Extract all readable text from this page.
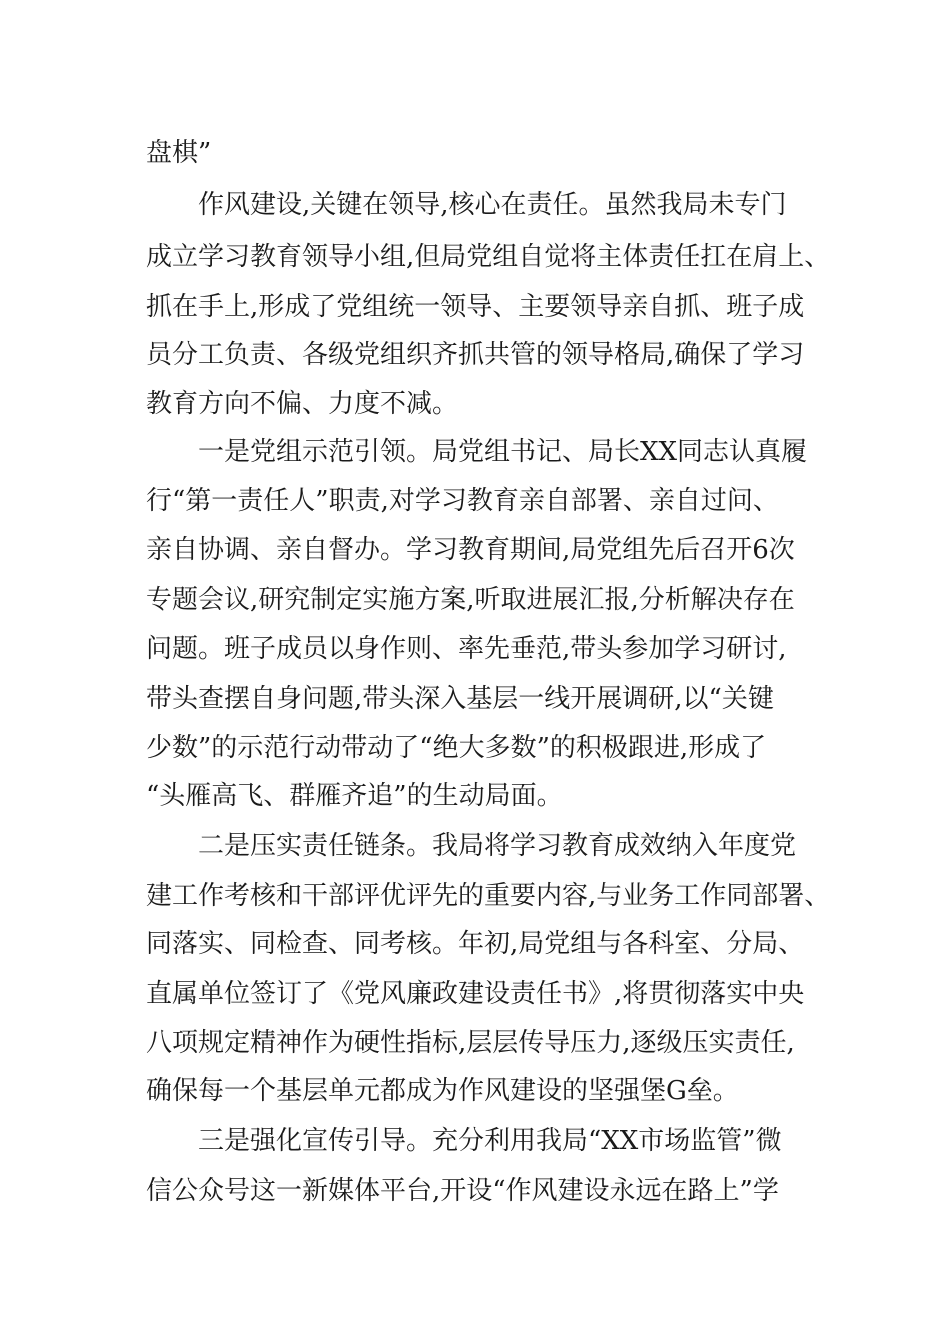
盘棋”
作风建设,关键在领导,核心在责任。虽然我局未专门
成立学习教育领导小组,但局党组自觉将主体责任扛在肩上、
抓在手上,形成了党组统一领导、主要领导亲自抓、班子成
员分工负责、各级党组织齐抓共管的领导格局,确保了学习
教育方向不偏、力度不减。
一是党组示范引领。局党组书记、局长XX同志认真履
行“第一责任人”职责,对学习教育亲自部署、亲自过问、
亲自协调、亲自督办。学习教育期间,局党组先后召开6次
专题会议,研究制定实施方案,听取进展汇报,分析解决存在
问题。班子成员以身作则、率先垂范,带头参加学习研讨,
带头查摆自身问题,带头深入基层一线开展调研,以“关键
少数”的示范行动带动了“绝大多数”的积极跟进,形成了
“头雁高飞、群雁齐追”的生动局面。
二是压实责任链条。我局将学习教育成效纳入年度党
建工作考核和干部评优评先的重要内容,与业务工作同部署、
同落实、同检查、同考核。年初,局党组与各科室、分局、
直属单位签订了《党风廉政建设责任书》,将贯彻落实中央
八项规定精神作为硬性指标,层层传导压力,逐级压实责任,
确保每一个基层单元都成为作风建设的坚强堡G垒。
三是强化宣传引导。充分利用我局“XX市场监管”微
信公众号这一新媒体平台,开设“作风建设永远在路上”学
